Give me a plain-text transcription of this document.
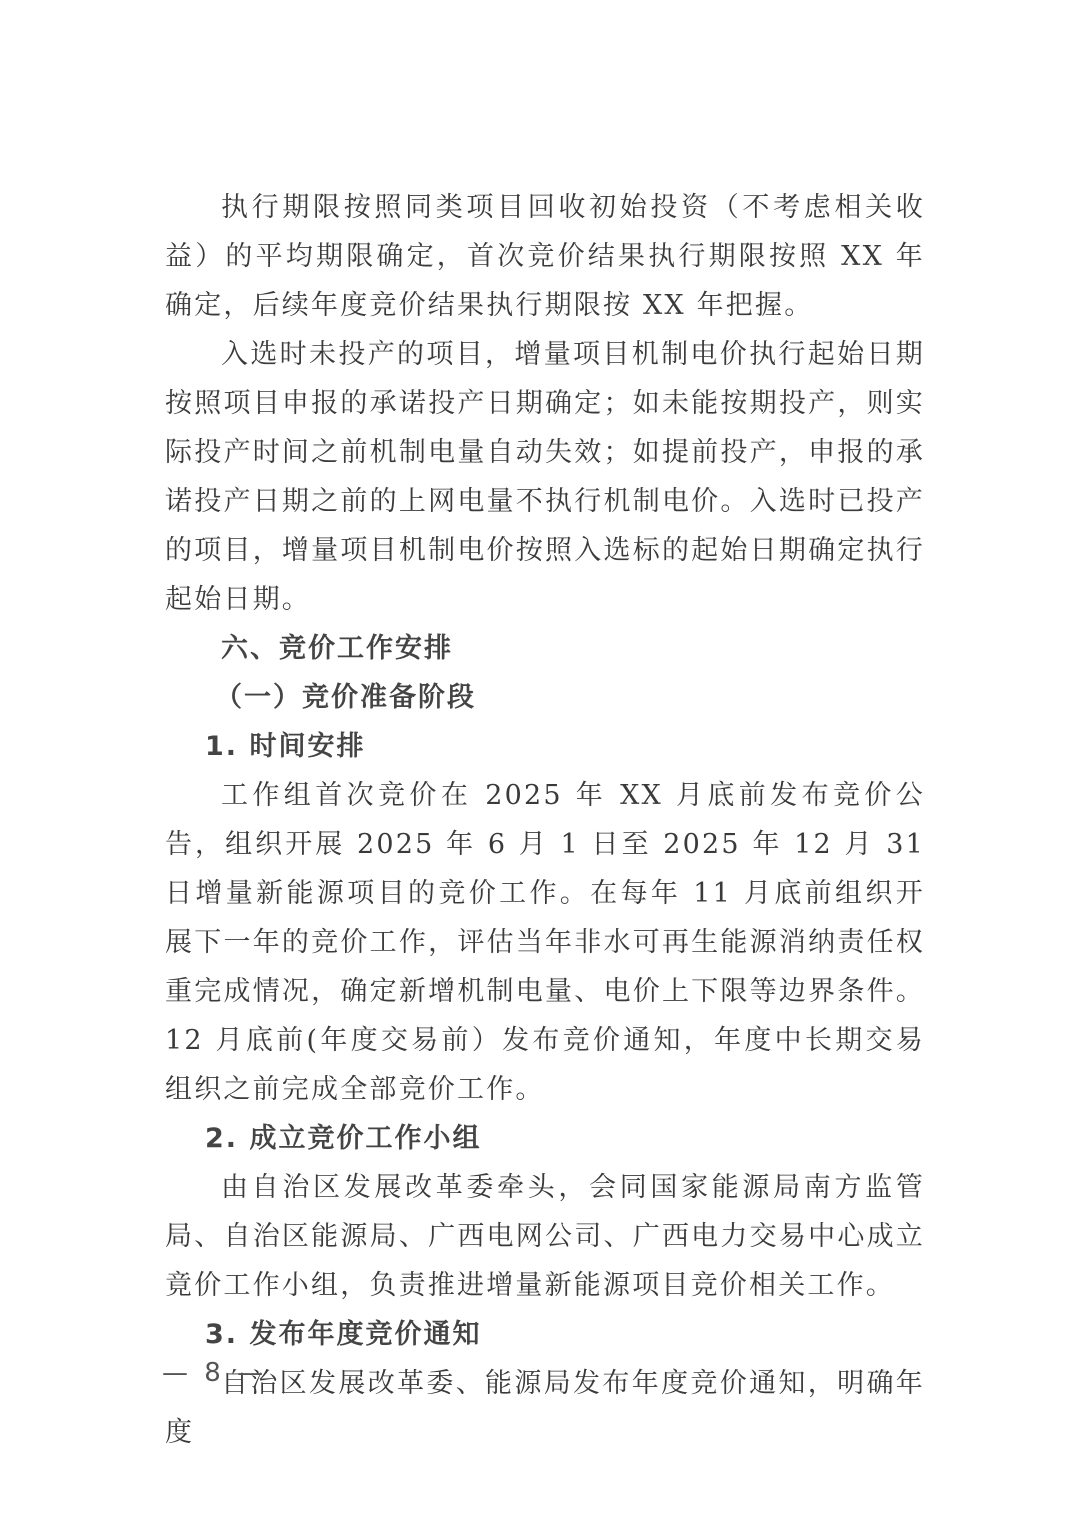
执行期限按照同类项目回收初始投资（不考虑相关收益）的平均期限确定，首次竞价结果执行期限按照 XX 年确定，后续年度竞价结果执行期限按 XX 年把握。

入选时未投产的项目，增量项目机制电价执行起始日期按照项目申报的承诺投产日期确定；如未能按期投产，则实际投产时间之前机制电量自动失效；如提前投产，申报的承诺投产日期之前的上网电量不执行机制电价。入选时已投产的项目，增量项目机制电价按照入选标的起始日期确定执行起始日期。

六、竞价工作安排

（一）竞价准备阶段

1. 时间安排

工作组首次竞价在 2025 年 XX 月底前发布竞价公告，组织开展 2025 年 6 月 1 日至 2025 年 12 月 31 日增量新能源项目的竞价工作。在每年 11 月底前组织开展下一年的竞价工作，评估当年非水可再生能源消纳责任权重完成情况，确定新增机制电量、电价上下限等边界条件。12 月底前(年度交易前）发布竞价通知，年度中长期交易组织之前完成全部竞价工作。

2. 成立竞价工作小组

由自治区发展改革委牵头，会同国家能源局南方监管局、自治区能源局、广西电网公司、广西电力交易中心成立竟价工作小组，负责推进增量新能源项目竞价相关工作。

3. 发布年度竞价通知

自治区发展改革委、能源局发布年度竞价通知，明确年度

— 8 —
